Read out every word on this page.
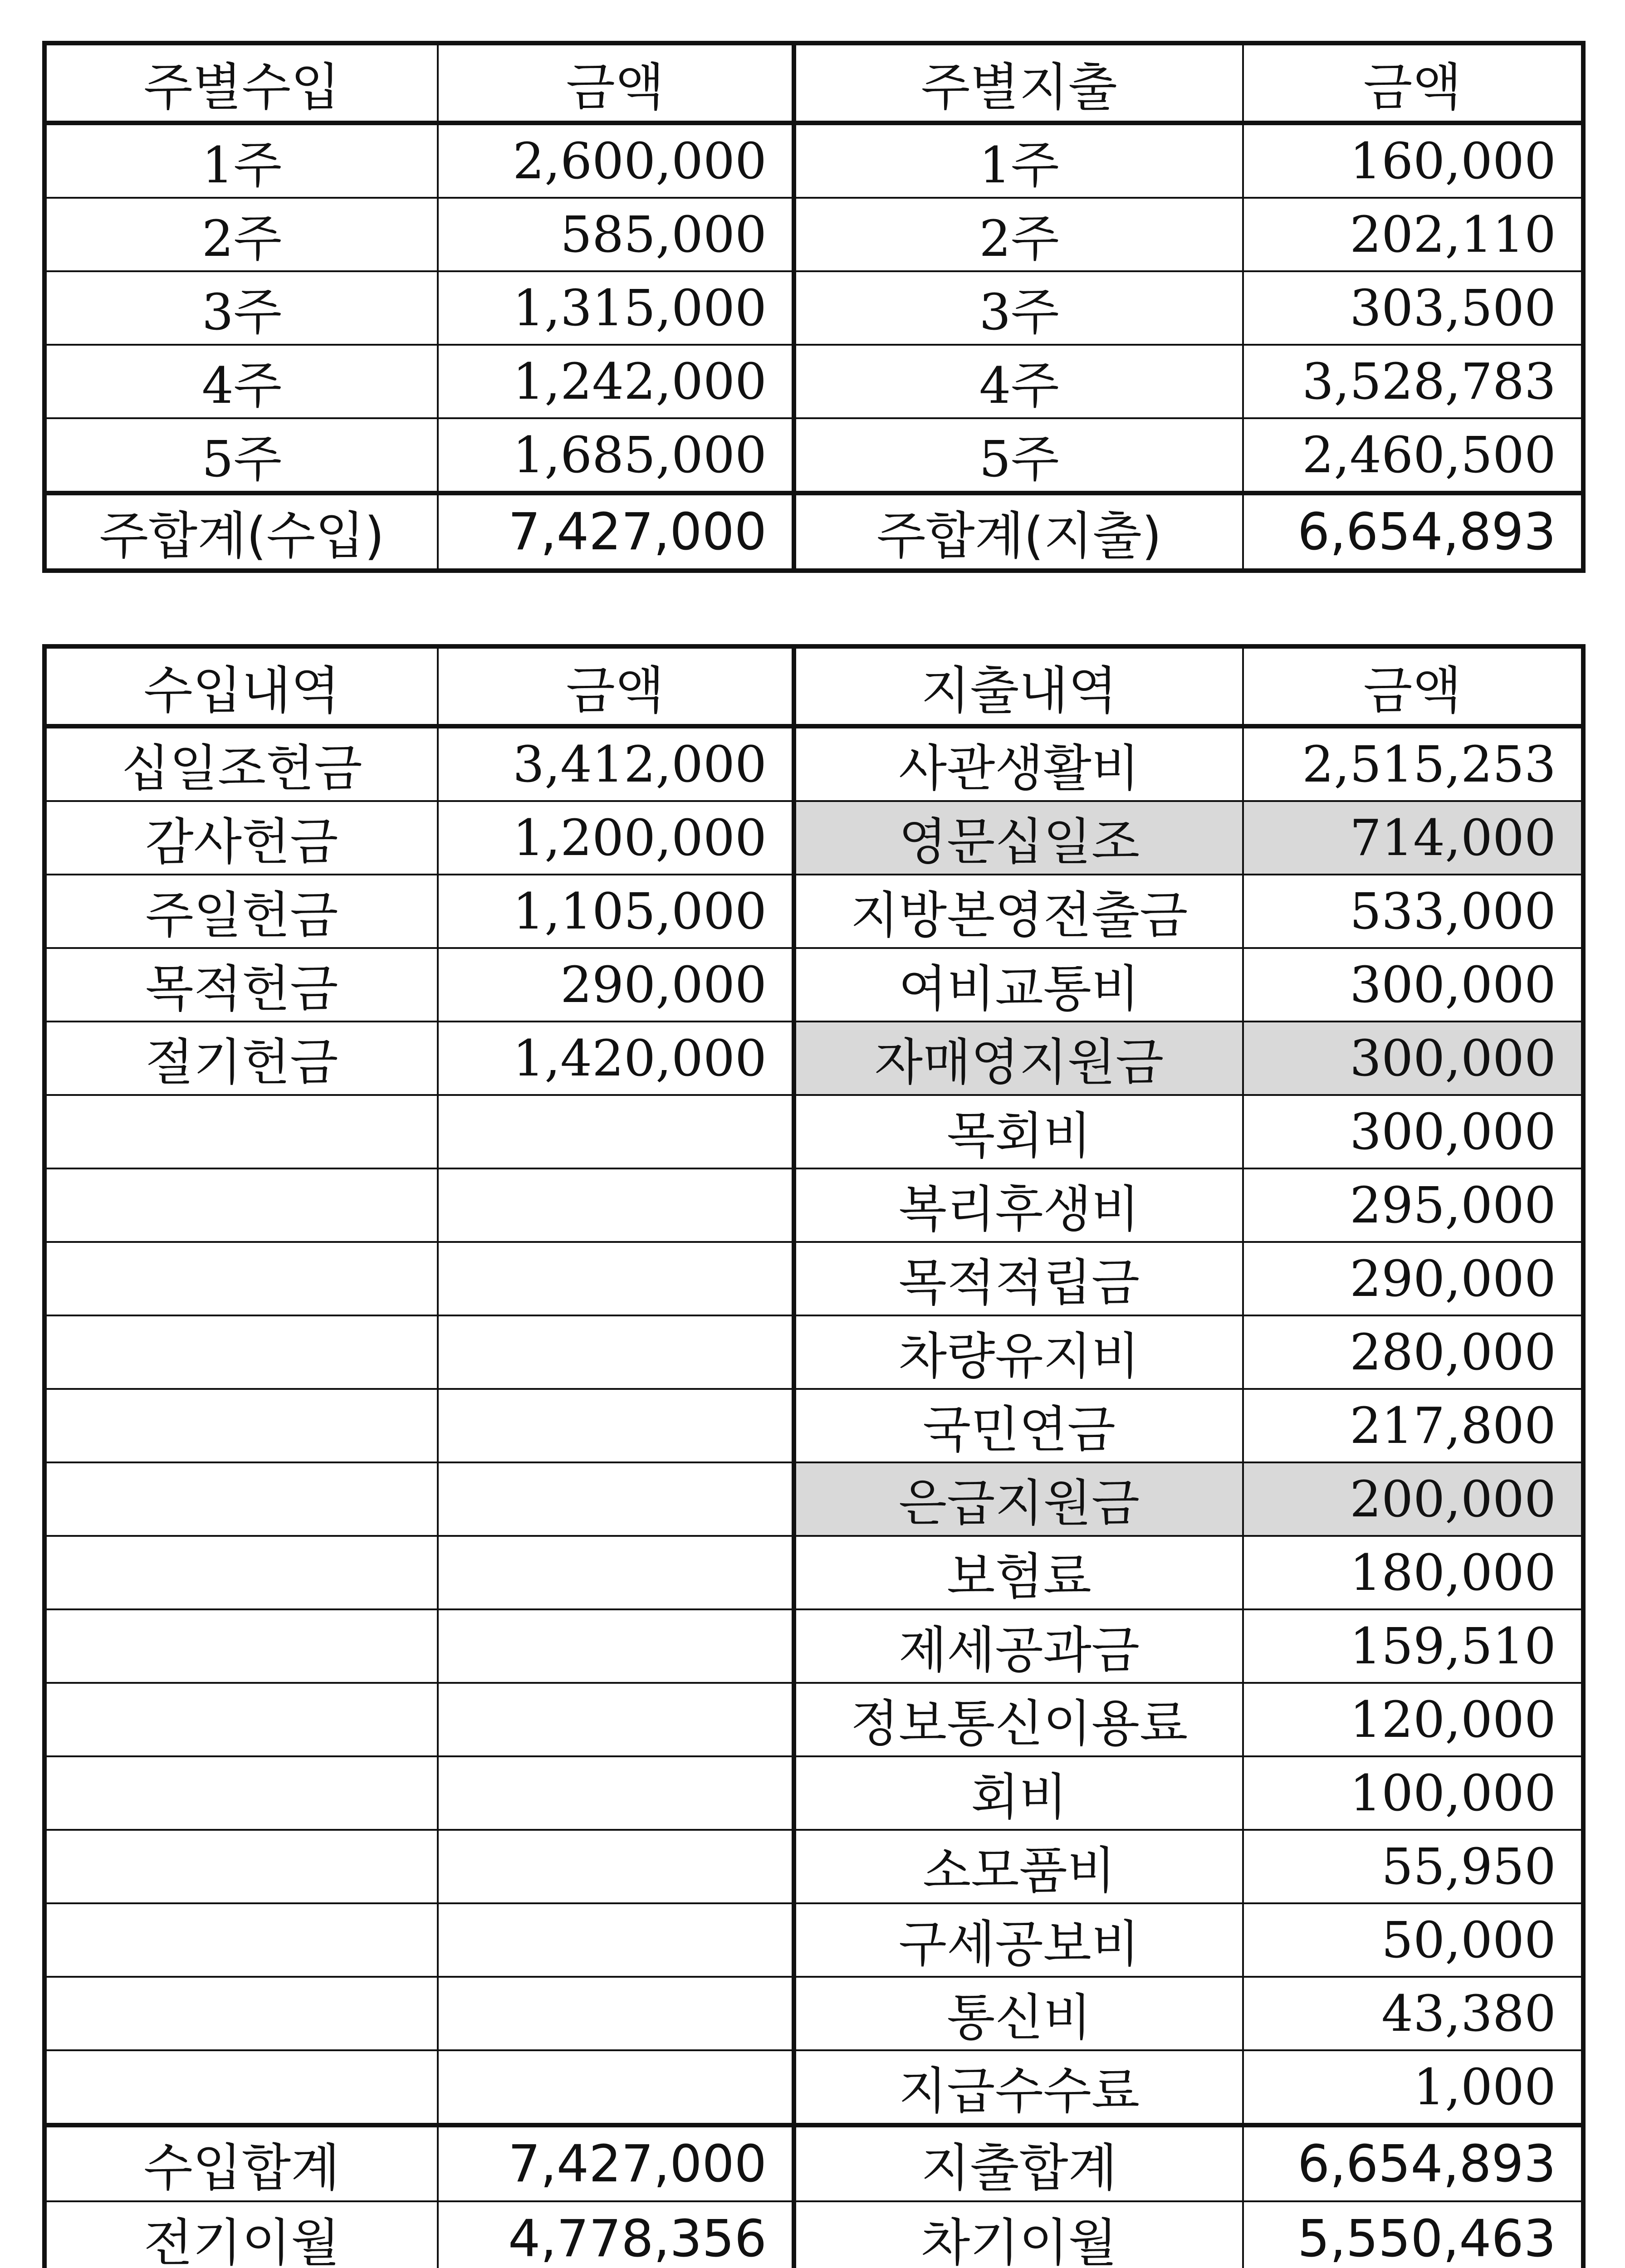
주별수입	금액	주별지출	금액
1주	2,600,000	1주	160,000
2주	585,000	2주	202,110
3주	1,315,000	3주	303,500
4주	1,242,000	4주	3,528,783
5주	1,685,000	5주	2,460,500
주합계(수입)	7,427,000	주합계(지출)	6,654,893
수입내역	금액	지출내역	금액
십일조헌금	3,412,000	사관생활비	2,515,253
감사헌금	1,200,000	영문십일조	714,000
주일헌금	1,105,000	지방본영전출금	533,000
목적헌금	290,000	여비교통비	300,000
절기헌금	1,420,000	자매영지원금	300,000
		목회비	300,000
		복리후생비	295,000
		목적적립금	290,000
		차량유지비	280,000
		국민연금	217,800
		은급지원금	200,000
		보험료	180,000
		제세공과금	159,510
		정보통신이용료	120,000
		회비	100,000
		소모품비	55,950
		구세공보비	50,000
		통신비	43,380
		지급수수료	1,000
수입합계	7,427,000	지출합계	6,654,893
전기이월	4,778,356	차기이월	5,550,463
